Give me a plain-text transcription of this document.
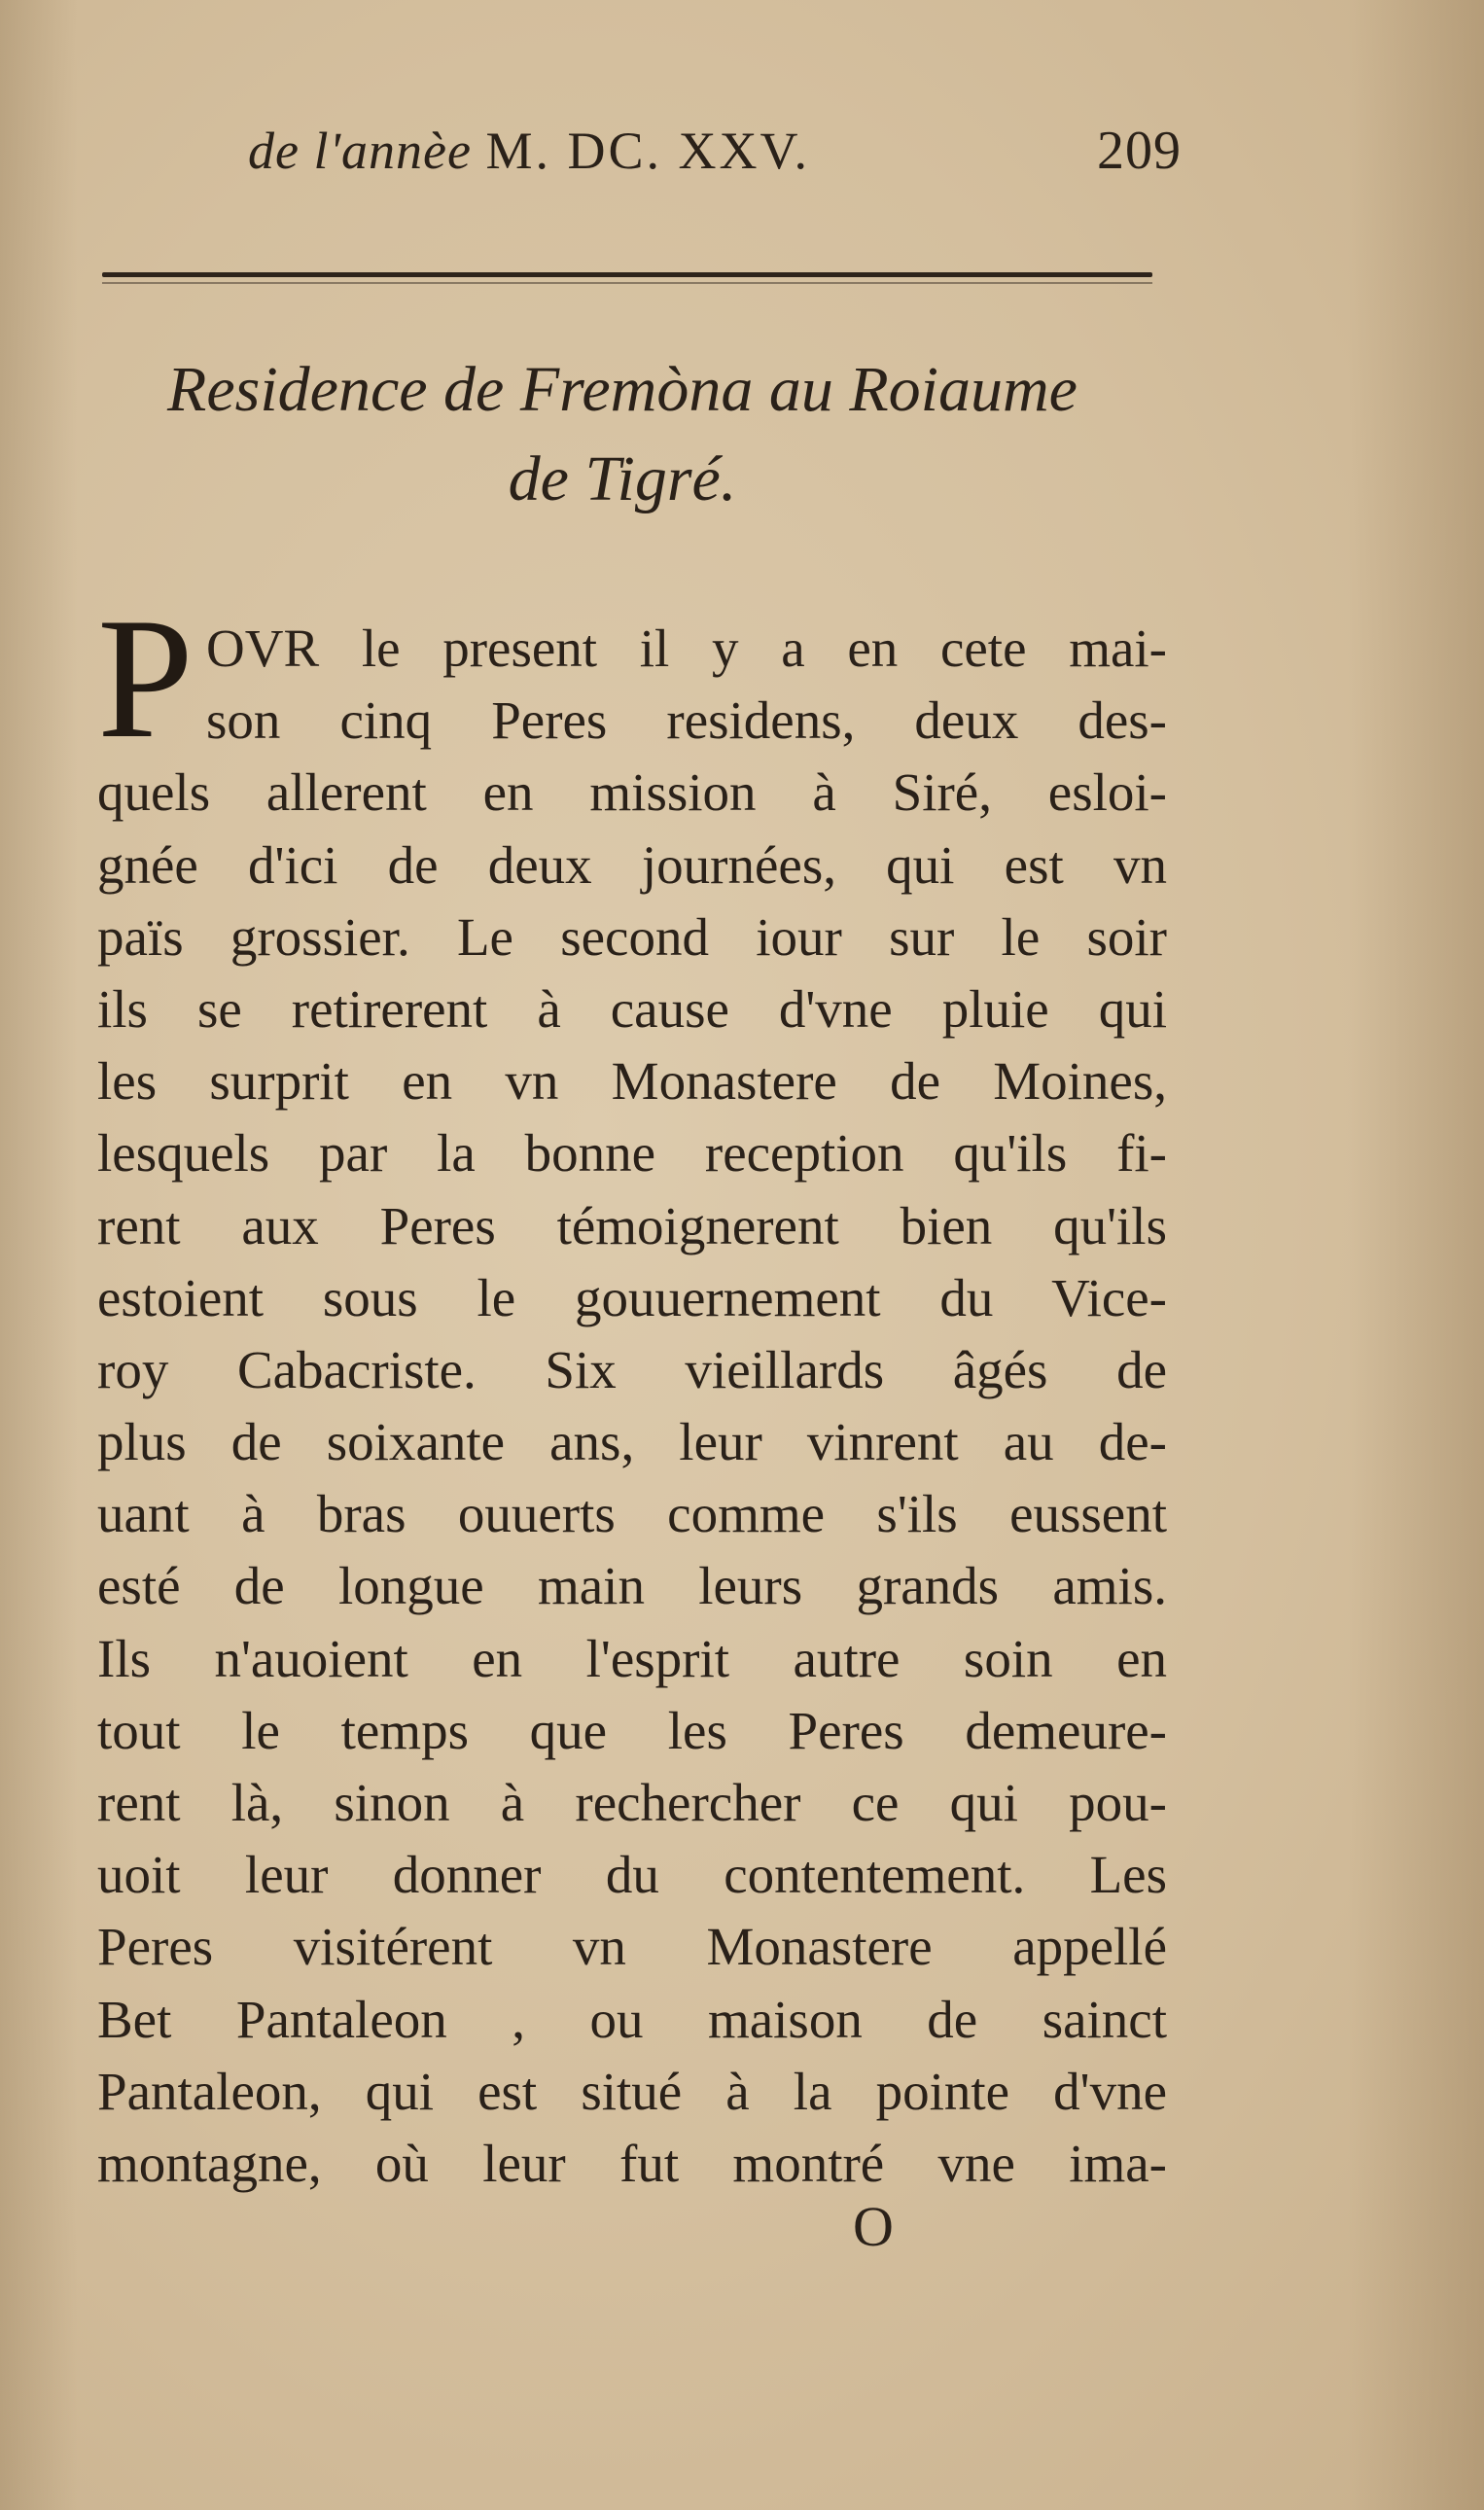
de l'annèe M. DC. XXV.	209
Residence de Fremòna au Roiaume
de Tigré.
P OVR le present il y a en cete mai-
son cinq Peres residens, deux des-
quels allerent en mission à Siré, esloi-
gnée d'ici de deux journées, qui est vn
païs grossier. Le second iour sur le soir
ils se retirerent à cause d'vne pluie qui
les surprit en vn Monastere de Moines,
lesquels par la bonne reception qu'ils fi-
rent aux Peres témoignerent bien qu'ils
estoient sous le gouuernement du Vice-
roy Cabacriste. Six vieillards âgés de
plus de soixante ans, leur vinrent au de-
uant à bras ouuerts comme s'ils eussent
esté de longue main leurs grands amis.
Ils n'auoient en l'esprit autre soin en
tout le temps que les Peres demeure-
rent là, sinon à rechercher ce qui pou-
uoit leur donner du contentement. Les
Peres visitérent vn Monastere appellé
Bet Pantaleon , ou maison de sainct
Pantaleon, qui est situé à la pointe d'vne
montagne, où leur fut montré vne ima-
O
